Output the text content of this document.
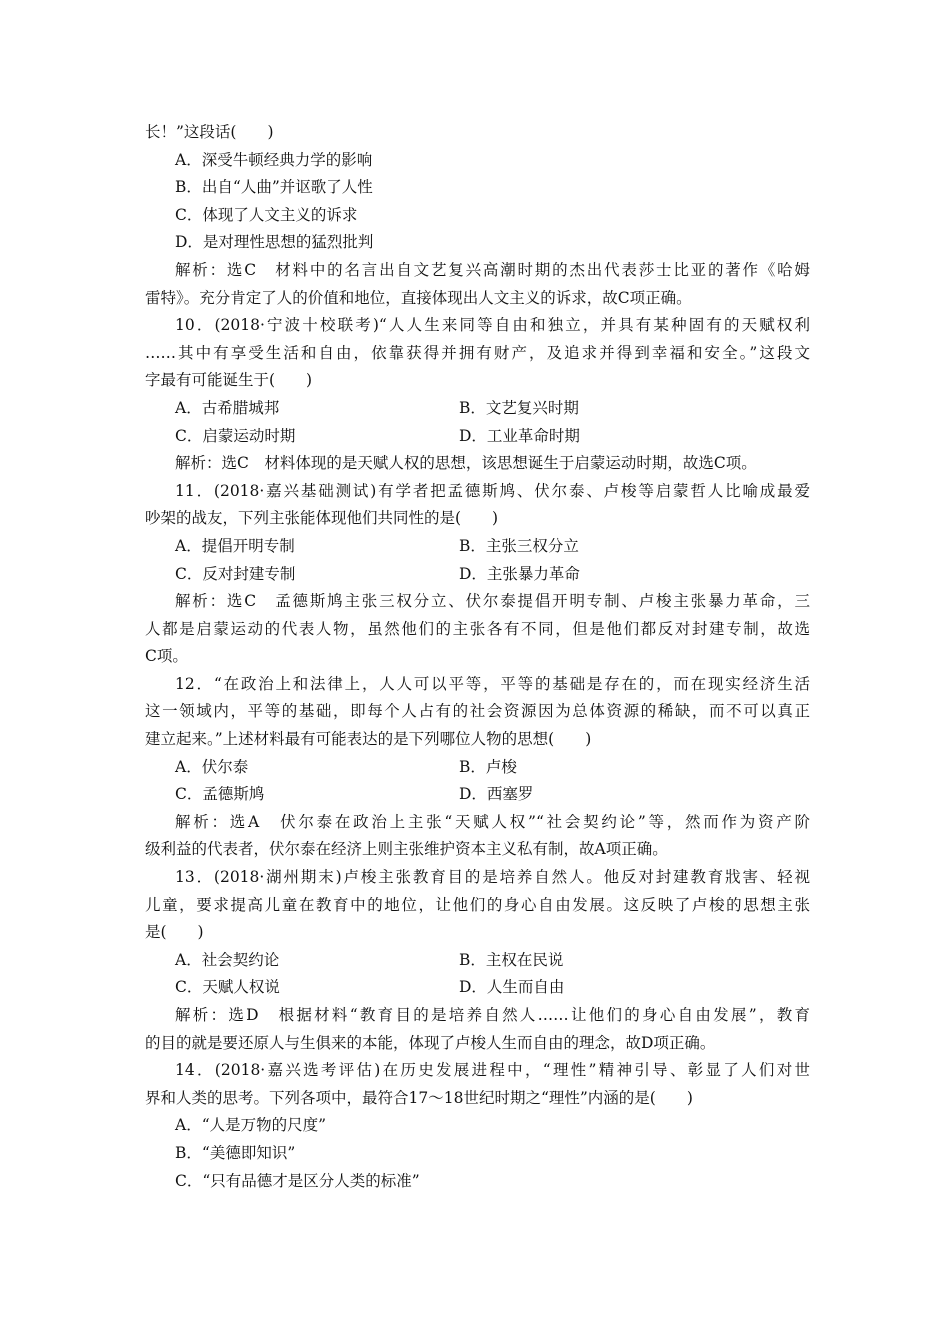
长！”这段话(　　)
A．深受牛顿经典力学的影响
B．出自“人曲”并讴歌了人性
C．体现了人文主义的诉求
D．是对理性思想的猛烈批判
解析：选C　材料中的名言出自文艺复兴高潮时期的杰出代表莎士比亚的著作《哈姆
雷特》。充分肯定了人的价值和地位，直接体现出人文主义的诉求，故C项正确。
10．(2018·宁波十校联考)“人人生来同等自由和独立，并具有某种固有的天赋权利
……其中有享受生活和自由，依靠获得并拥有财产，及追求并得到幸福和安全。”这段文
字最有可能诞生于(　　)
A．古希腊城邦	B．文艺复兴时期
C．启蒙运动时期	D．工业革命时期
解析：选C　材料体现的是天赋人权的思想，该思想诞生于启蒙运动时期，故选C项。
11．(2018·嘉兴基础测试)有学者把孟德斯鸠、伏尔泰、卢梭等启蒙哲人比喻成最爱
吵架的战友，下列主张能体现他们共同性的是(　　)
A．提倡开明专制	B．主张三权分立
C．反对封建专制	D．主张暴力革命
解析：选C　孟德斯鸠主张三权分立、伏尔泰提倡开明专制、卢梭主张暴力革命，三
人都是启蒙运动的代表人物，虽然他们的主张各有不同，但是他们都反对封建专制，故选
C项。
12．“在政治上和法律上，人人可以平等，平等的基础是存在的，而在现实经济生活
这一领域内，平等的基础，即每个人占有的社会资源因为总体资源的稀缺，而不可以真正
建立起来。”上述材料最有可能表达的是下列哪位人物的思想(　　)
A．伏尔泰	B．卢梭
C．孟德斯鸠	D．西塞罗
解析：选A　伏尔泰在政治上主张“天赋人权”“社会契约论”等，然而作为资产阶
级利益的代表者，伏尔泰在经济上则主张维护资本主义私有制，故A项正确。
13．(2018·湖州期末)卢梭主张教育目的是培养自然人。他反对封建教育戕害、轻视
儿童，要求提高儿童在教育中的地位，让他们的身心自由发展。这反映了卢梭的思想主张
是(　　)
A．社会契约论	B．主权在民说
C．天赋人权说	D．人生而自由
解析：选D　根据材料“教育目的是培养自然人……让他们的身心自由发展”，教育
的目的就是要还原人与生俱来的本能，体现了卢梭人生而自由的理念，故D项正确。
14．(2018·嘉兴选考评估)在历史发展进程中，“理性”精神引导、彰显了人们对世
界和人类的思考。下列各项中，最符合17～18世纪时期之“理性”内涵的是(　　)
A．“人是万物的尺度”
B．“美德即知识”
C．“只有品德才是区分人类的标准”
